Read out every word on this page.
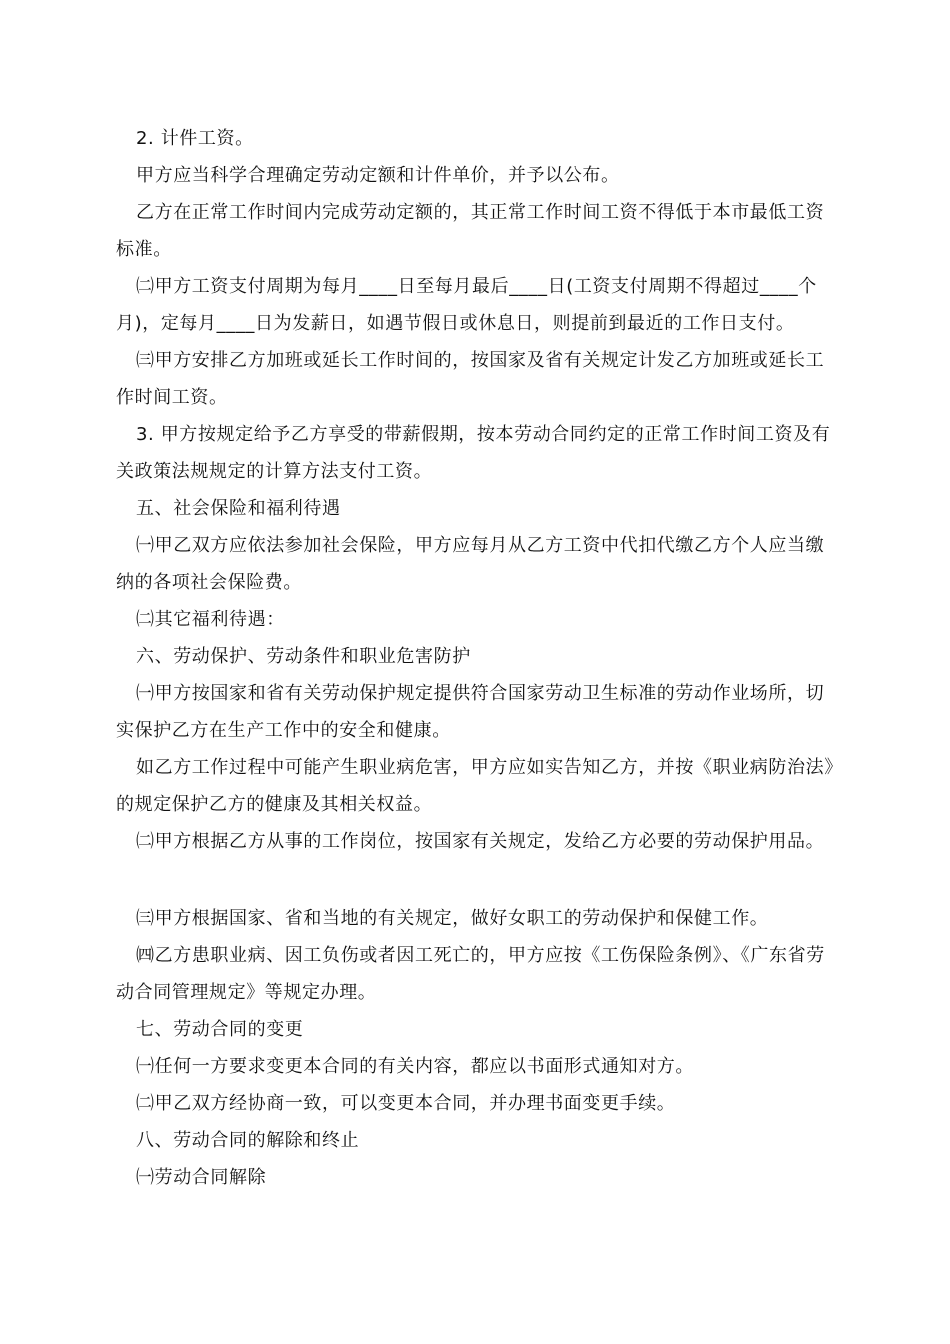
2. 计件工资。

甲方应当科学合理确定劳动定额和计件单价，并予以公布。

乙方在正常工作时间内完成劳动定额的，其正常工作时间工资不得低于本市最低工资标准。

㈡甲方工资支付周期为每月____日至每月最后____日(工资支付周期不得超过____个月)，定每月____日为发薪日，如遇节假日或休息日，则提前到最近的工作日支付。

㈢甲方安排乙方加班或延长工作时间的，按国家及省有关规定计发乙方加班或延长工作时间工资。

3. 甲方按规定给予乙方享受的带薪假期，按本劳动合同约定的正常工作时间工资及有关政策法规规定的计算方法支付工资。

五、社会保险和福利待遇

㈠甲乙双方应依法参加社会保险，甲方应每月从乙方工资中代扣代缴乙方个人应当缴纳的各项社会保险费。

㈡其它福利待遇：

六、劳动保护、劳动条件和职业危害防护

㈠甲方按国家和省有关劳动保护规定提供符合国家劳动卫生标准的劳动作业场所，切实保护乙方在生产工作中的安全和健康。

如乙方工作过程中可能产生职业病危害，甲方应如实告知乙方，并按《职业病防治法》的规定保护乙方的健康及其相关权益。

㈡甲方根据乙方从事的工作岗位，按国家有关规定，发给乙方必要的劳动保护用品。

㈢甲方根据国家、省和当地的有关规定，做好女职工的劳动保护和保健工作。

㈣乙方患职业病、因工负伤或者因工死亡的，甲方应按《工伤保险条例》、《广东省劳动合同管理规定》等规定办理。

七、劳动合同的变更

㈠任何一方要求变更本合同的有关内容，都应以书面形式通知对方。

㈡甲乙双方经协商一致，可以变更本合同，并办理书面变更手续。

八、劳动合同的解除和终止

㈠劳动合同解除
